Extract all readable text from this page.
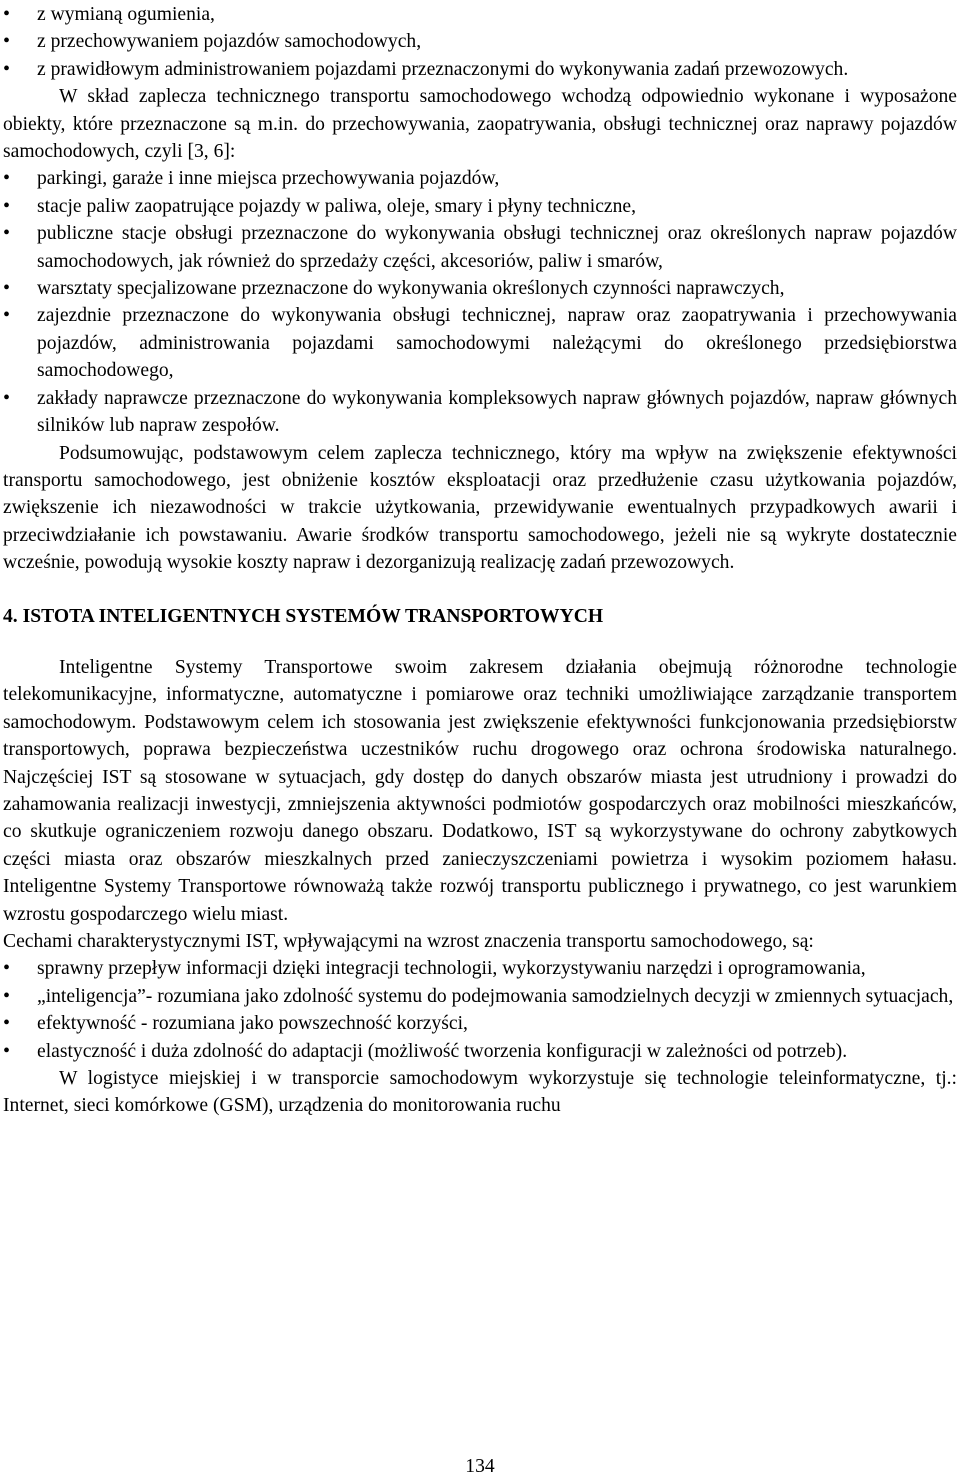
• z wymianą ogumienia,
• z przechowywaniem pojazdów samochodowych,
• z prawidłowym administrowaniem pojazdami przeznaczonymi do wykonywania zadań przewozowych.

W skład zaplecza technicznego transportu samochodowego wchodzą odpowiednio wykonane i wyposażone obiekty, które przeznaczone są m.in. do przechowywania, zaopatrywania, obsługi technicznej oraz naprawy pojazdów samochodowych, czyli [3, 6]:

• parkingi, garaże i inne miejsca przechowywania pojazdów,
• stacje paliw zaopatrujące pojazdy w paliwa, oleje, smary i płyny techniczne,
• publiczne stacje obsługi przeznaczone do wykonywania obsługi technicznej oraz określonych napraw pojazdów samochodowych, jak również do sprzedaży części, akcesoriów, paliw i smarów,
• warsztaty specjalizowane przeznaczone do wykonywania określonych czynności naprawczych,
• zajezdnie przeznaczone do wykonywania obsługi technicznej, napraw oraz zaopatrywania i przechowywania pojazdów, administrowania pojazdami samochodowymi należącymi do określonego przedsiębiorstwa samochodowego,
• zakłady naprawcze przeznaczone do wykonywania kompleksowych napraw głównych pojazdów, napraw głównych silników lub napraw zespołów.

Podsumowując, podstawowym celem zaplecza technicznego, który ma wpływ na zwiększenie efektywności transportu samochodowego, jest obniżenie kosztów eksploatacji oraz przedłużenie czasu użytkowania pojazdów, zwiększenie ich niezawodności w trakcie użytkowania, przewidywanie ewentualnych przypadkowych awarii i przeciwdziałanie ich powstawaniu. Awarie środków transportu samochodowego, jeżeli nie są wykryte dostatecznie wcześnie, powodują wysokie koszty napraw i dezorganizują realizację zadań przewozowych.

4. ISTOTA INTELIGENTNYCH SYSTEMÓW TRANSPORTOWYCH

Inteligentne Systemy Transportowe swoim zakresem działania obejmują różnorodne technologie telekomunikacyjne, informatyczne, automatyczne i pomiarowe oraz techniki umożliwiające zarządzanie transportem samochodowym. Podstawowym celem ich stosowania jest zwiększenie efektywności funkcjonowania przedsiębiorstw transportowych, poprawa bezpieczeństwa uczestników ruchu drogowego oraz ochrona środowiska naturalnego. Najczęściej IST są stosowane w sytuacjach, gdy dostęp do danych obszarów miasta jest utrudniony i prowadzi do zahamowania realizacji inwestycji, zmniejszenia aktywności podmiotów gospodarczych oraz mobilności mieszkańców, co skutkuje ograniczeniem rozwoju danego obszaru. Dodatkowo, IST są wykorzystywane do ochrony zabytkowych części miasta oraz obszarów mieszkalnych przed zanieczyszczeniami powietrza i wysokim poziomem hałasu. Inteligentne Systemy Transportowe równoważą także rozwój transportu publicznego i prywatnego, co jest warunkiem wzrostu gospodarczego wielu miast.

Cechami charakterystycznymi IST, wpływającymi na wzrost znaczenia transportu samochodowego, są:

• sprawny przepływ informacji dzięki integracji technologii, wykorzystywaniu narzędzi i oprogramowania,
• „inteligencja”- rozumiana jako zdolność systemu do podejmowania samodzielnych decyzji w zmiennych sytuacjach,
• efektywność - rozumiana jako powszechność korzyści,
• elastyczność i duża zdolność do adaptacji (możliwość tworzenia konfiguracji w zależności od potrzeb).

W logistyce miejskiej i w transporcie samochodowym wykorzystuje się technologie teleinformatyczne, tj.: Internet, sieci komórkowe (GSM), urządzenia do monitorowania ruchu

134
